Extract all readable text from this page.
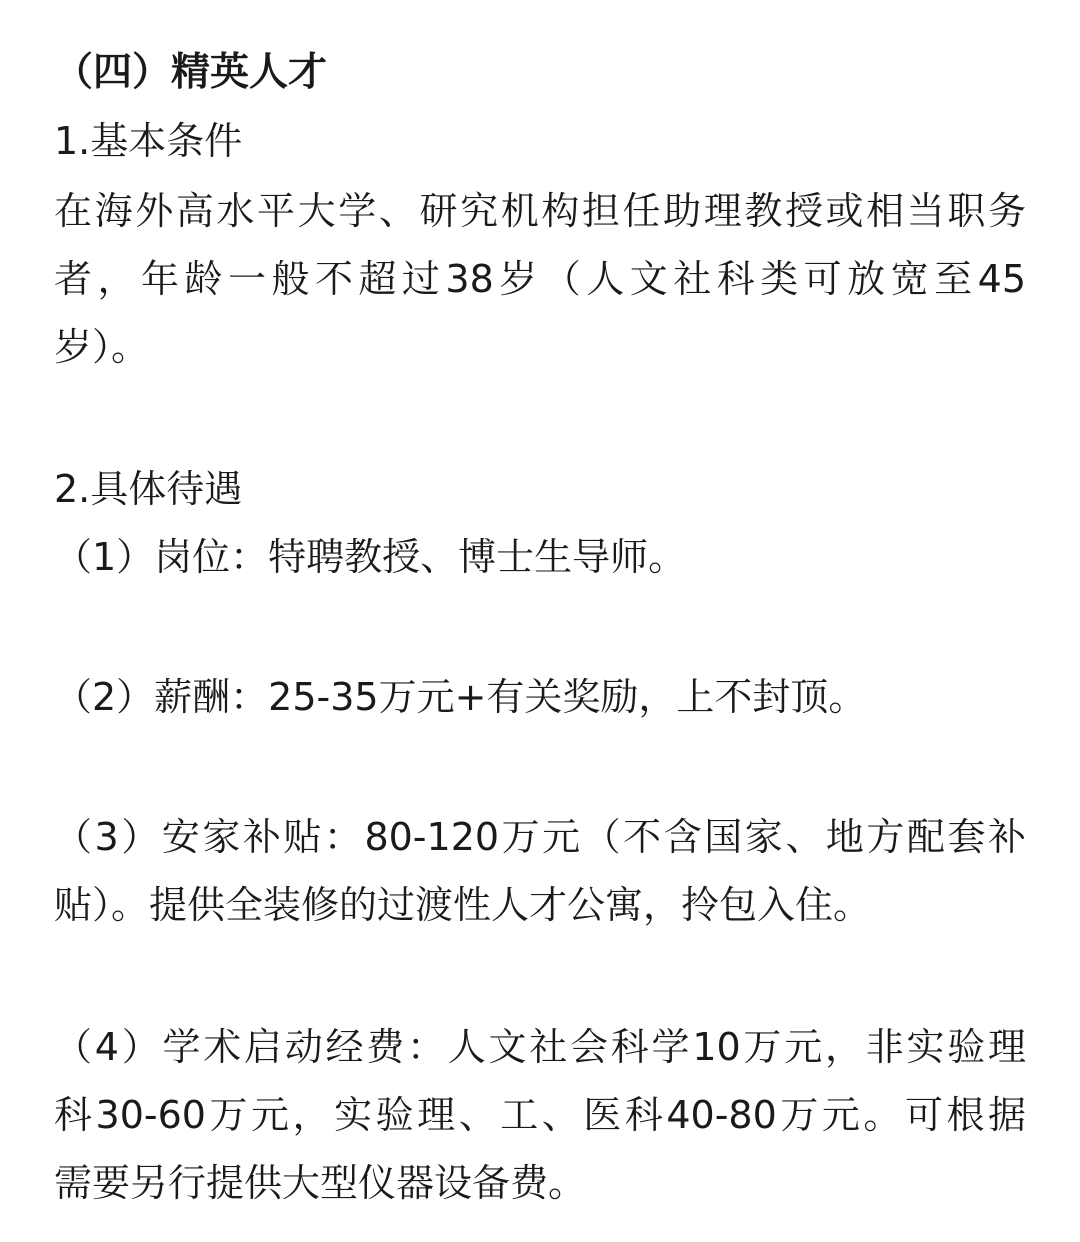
（四）精英人才
1.基本条件
在海外高水平大学、研究机构担任助理教授或相当职务
者，年龄一般不超过38岁（人文社科类可放宽至45
岁）。
2.具体待遇
（1）岗位：特聘教授、博士生导师。
（2）薪酬：25-35万元+有关奖励，上不封顶。
（3）安家补贴：80-120万元（不含国家、地方配套补
贴）。提供全装修的过渡性人才公寓，拎包入住。
（4）学术启动经费：人文社会科学10万元，非实验理
科30-60万元，实验理、工、医科40-80万元。可根据
需要另行提供大型仪器设备费。
